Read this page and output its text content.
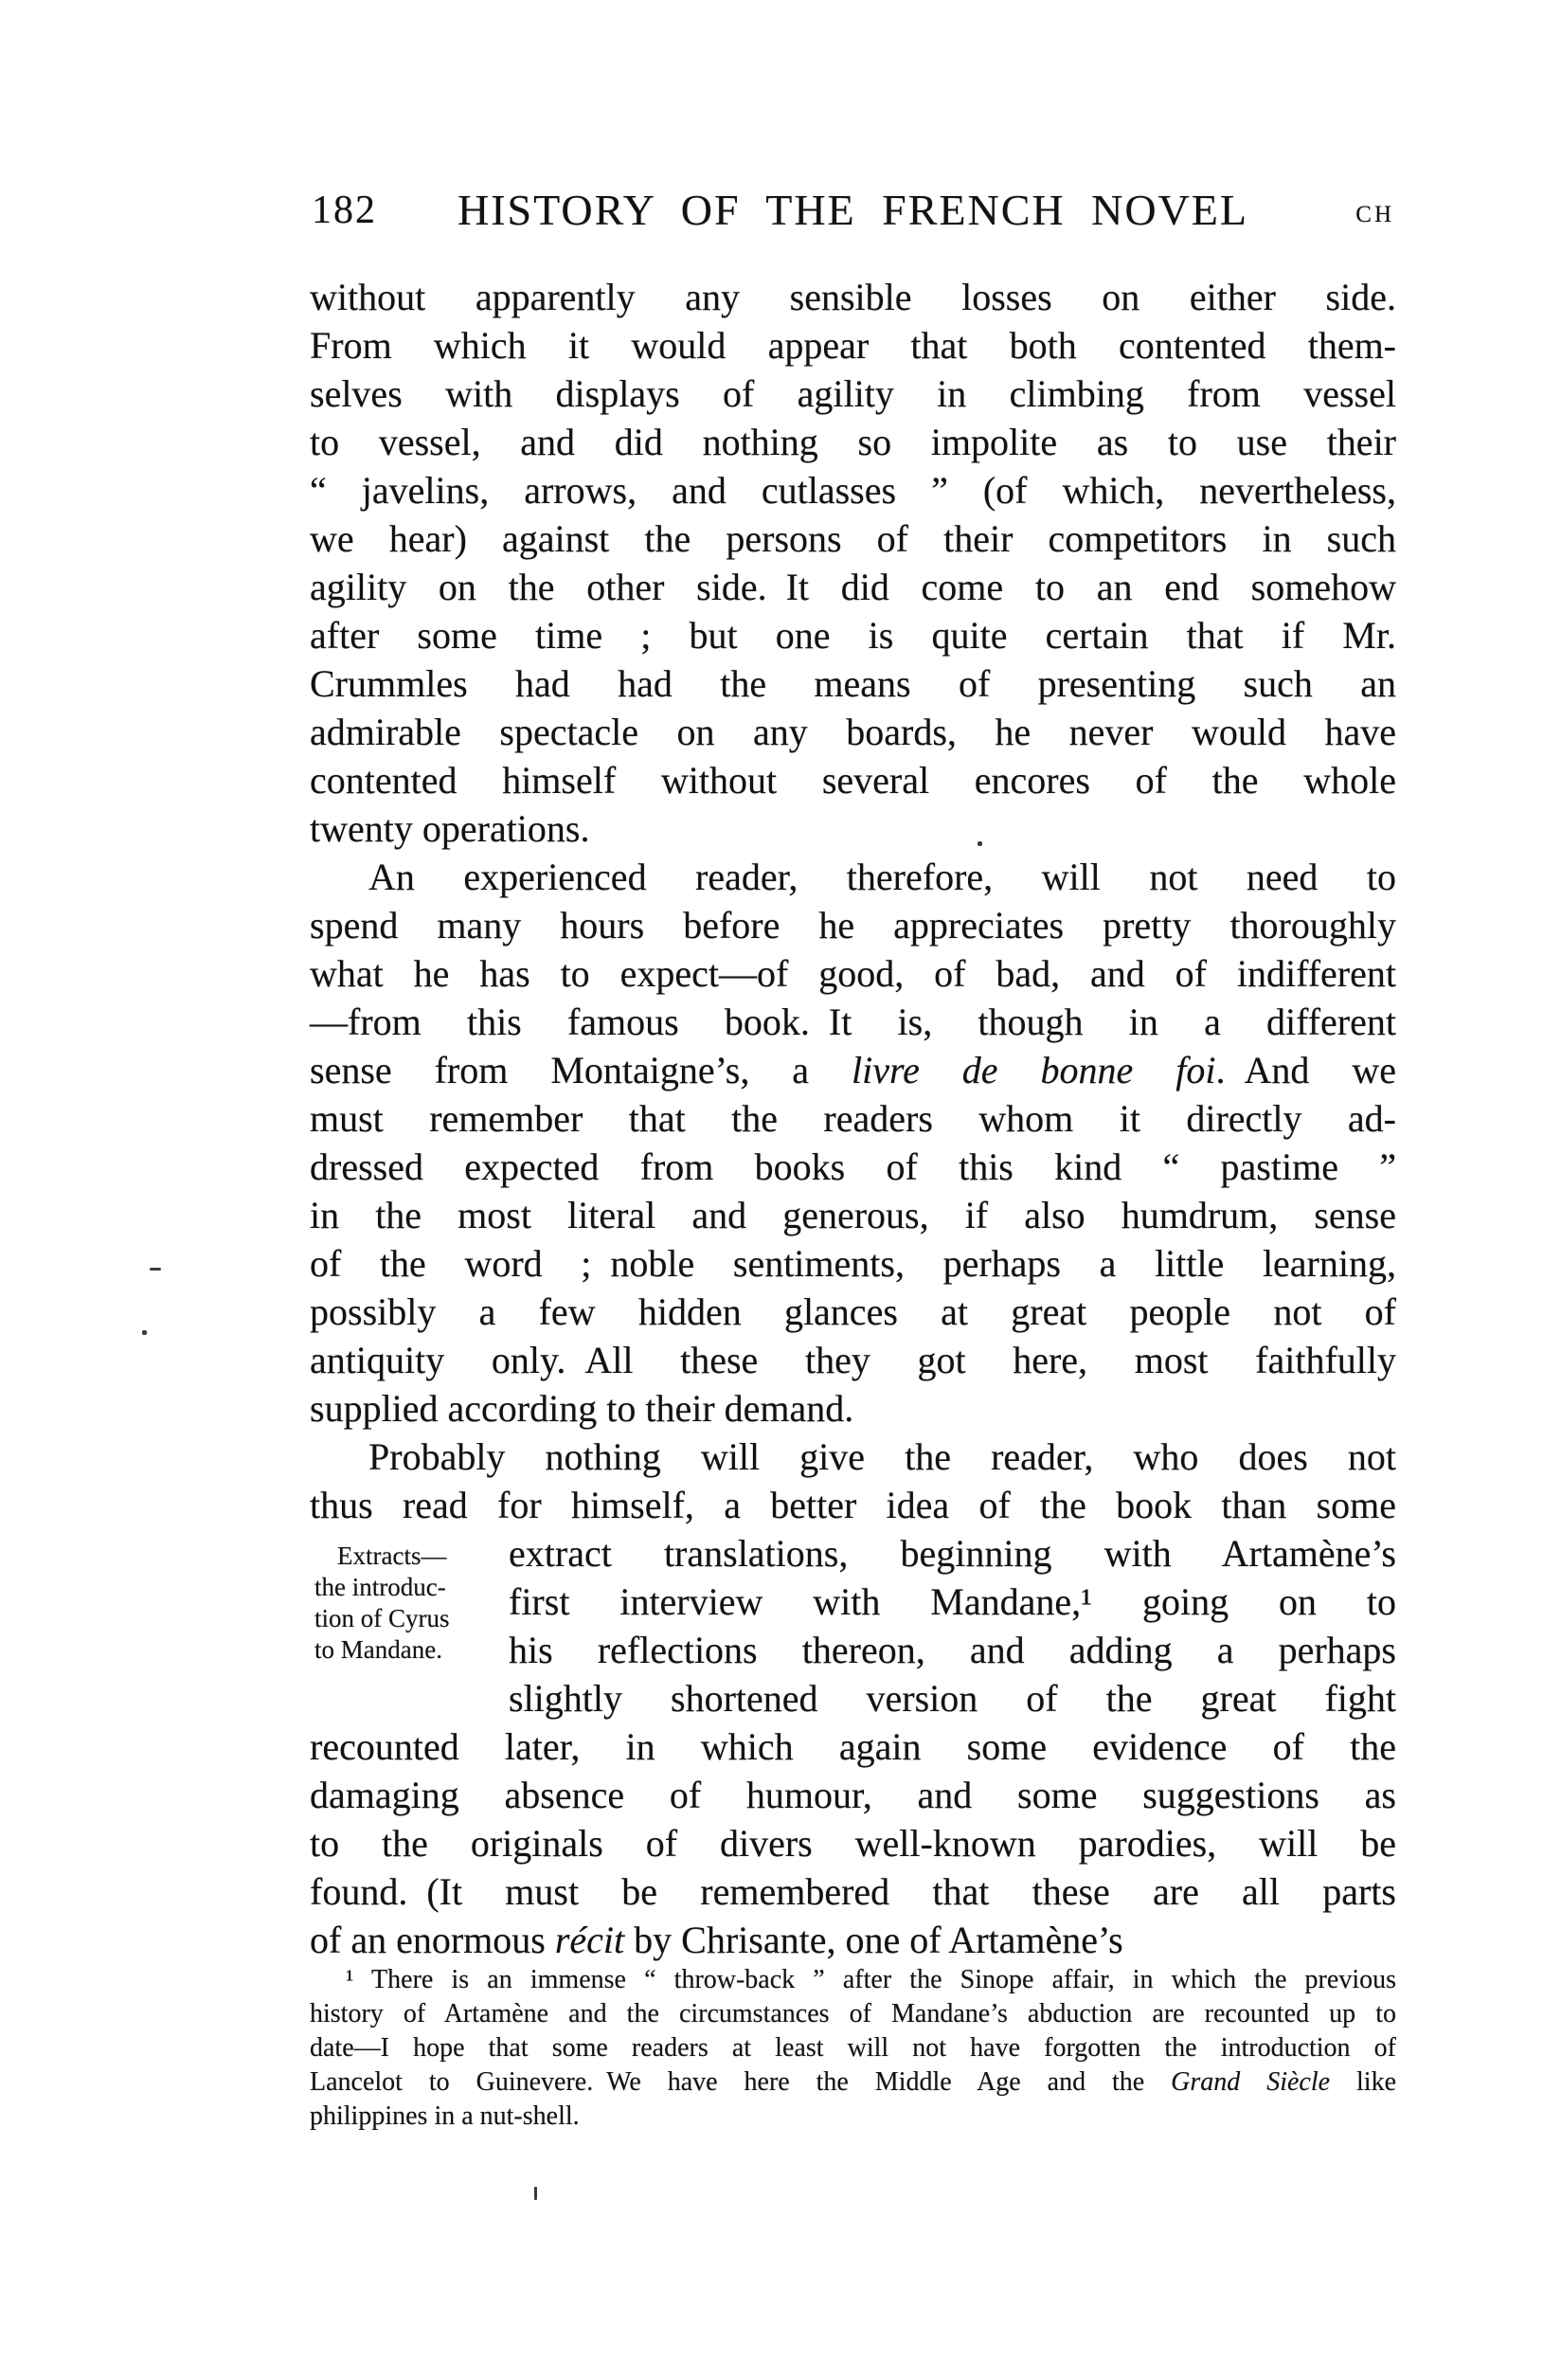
182	HISTORY OF THE FRENCH NOVEL	CH
without apparently any sensible losses on either side.
From which it would appear that both contented them-
selves with displays of agility in climbing from vessel
to vessel, and did nothing so impolite as to use their
“ javelins, arrows, and cutlasses ” (of which, nevertheless,
we hear) against the persons of their competitors in such
agility on the other side. It did come to an end somehow
after some time ; but one is quite certain that if Mr.
Crummles had had the means of presenting such an
admirable spectacle on any boards, he never would have
contented himself without several encores of the whole
twenty operations.
An experienced reader, therefore, will not need to
spend many hours before he appreciates pretty thoroughly
what he has to expect—of good, of bad, and of indifferent
—from this famous book. It is, though in a different
sense from Montaigne’s, a livre de bonne foi. And we
must remember that the readers whom it directly ad-
dressed expected from books of this kind “ pastime ”
in the most literal and generous, if also humdrum, sense
of the word ; noble sentiments, perhaps a little learning,
possibly a few hidden glances at great people not of
antiquity only. All these they got here, most faithfully
supplied according to their demand.
Probably nothing will give the reader, who does not
thus read for himself, a better idea of the book than some
extract translations, beginning with Artamène’s
first interview with Mandane,¹ going on to
his reflections thereon, and adding a perhaps
slightly shortened version of the great fight
recounted later, in which again some evidence of the
damaging absence of humour, and some suggestions as
to the originals of divers well-known parodies, will be
found. (It must be remembered that these are all parts
of an enormous récit by Chrisante, one of Artamène’s
Extracts—
the introduc-
tion of Cyrus
to Mandane.
¹ There is an immense “ throw-back ” after the Sinope affair, in which the previous
history of Artamène and the circumstances of Mandane’s abduction are recounted up to
date—I hope that some readers at least will not have forgotten the introduction of
Lancelot to Guinevere. We have here the Middle Age and the Grand Siècle like
philippines in a nut-shell.
